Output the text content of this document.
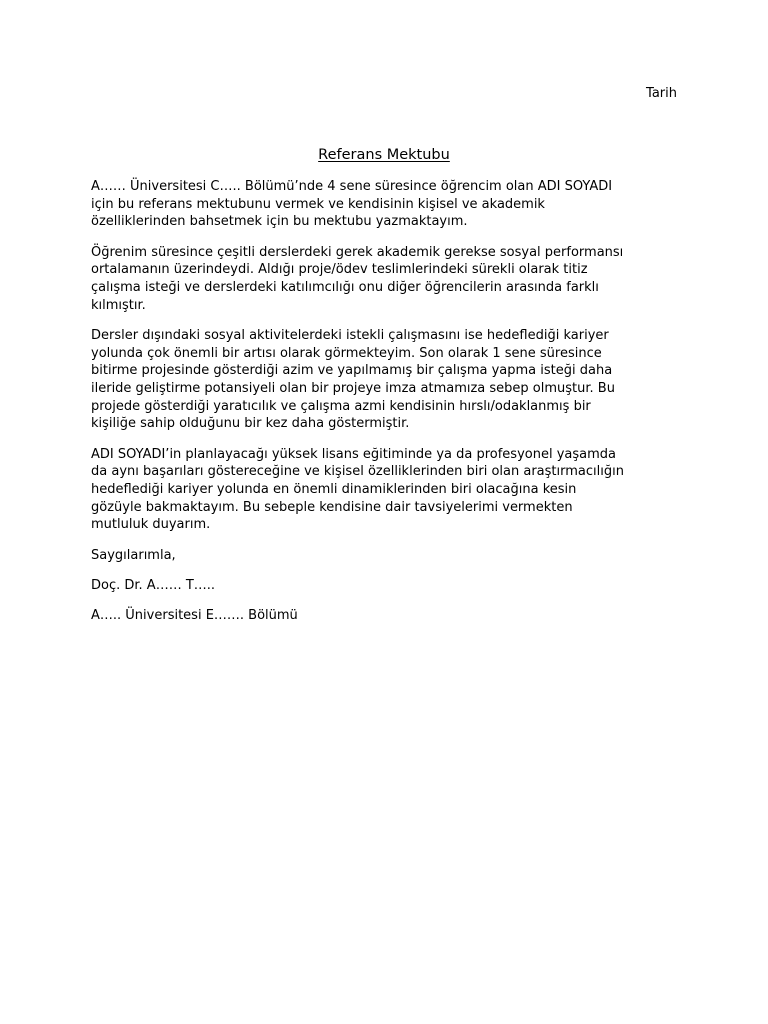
Tarih
Referans Mektubu

A…… Üniversitesi C….. Bölümü’nde 4 sene süresince öğrencim olan ADI SOYADI
için bu referans mektubunu vermek ve kendisinin kişisel ve akademik
özelliklerinden bahsetmek için bu mektubu yazmaktayım.

Öğrenim süresince çeşitli derslerdeki gerek akademik gerekse sosyal performansı
ortalamanın üzerindeydi. Aldığı proje/ödev teslimlerindeki sürekli olarak titiz
çalışma isteği ve derslerdeki katılımcılığı onu diğer öğrencilerin arasında farklı
kılmıştır.

Dersler dışındaki sosyal aktivitelerdeki istekli çalışmasını ise hedeflediği kariyer
yolunda çok önemli bir artısı olarak görmekteyim. Son olarak 1 sene süresince
bitirme projesinde gösterdiği azim ve yapılmamış bir çalışma yapma isteği daha
ileride geliştirme potansiyeli olan bir projeye imza atmamıza sebep olmuştur. Bu
projede gösterdiği yaratıcılık ve çalışma azmi kendisinin hırslı/odaklanmış bir
kişiliğe sahip olduğunu bir kez daha göstermiştir.

ADI SOYADI’in planlayacağı yüksek lisans eğitiminde ya da profesyonel yaşamda
da aynı başarıları göstereceğine ve kişisel özelliklerinden biri olan araştırmacılığın
hedeflediği kariyer yolunda en önemli dinamiklerinden biri olacağına kesin
gözüyle bakmaktayım. Bu sebeple kendisine dair tavsiyelerimi vermekten
mutluluk duyarım.

Saygılarımla,

Doç. Dr. A…… T…..

A….. Üniversitesi E……. Bölümü
